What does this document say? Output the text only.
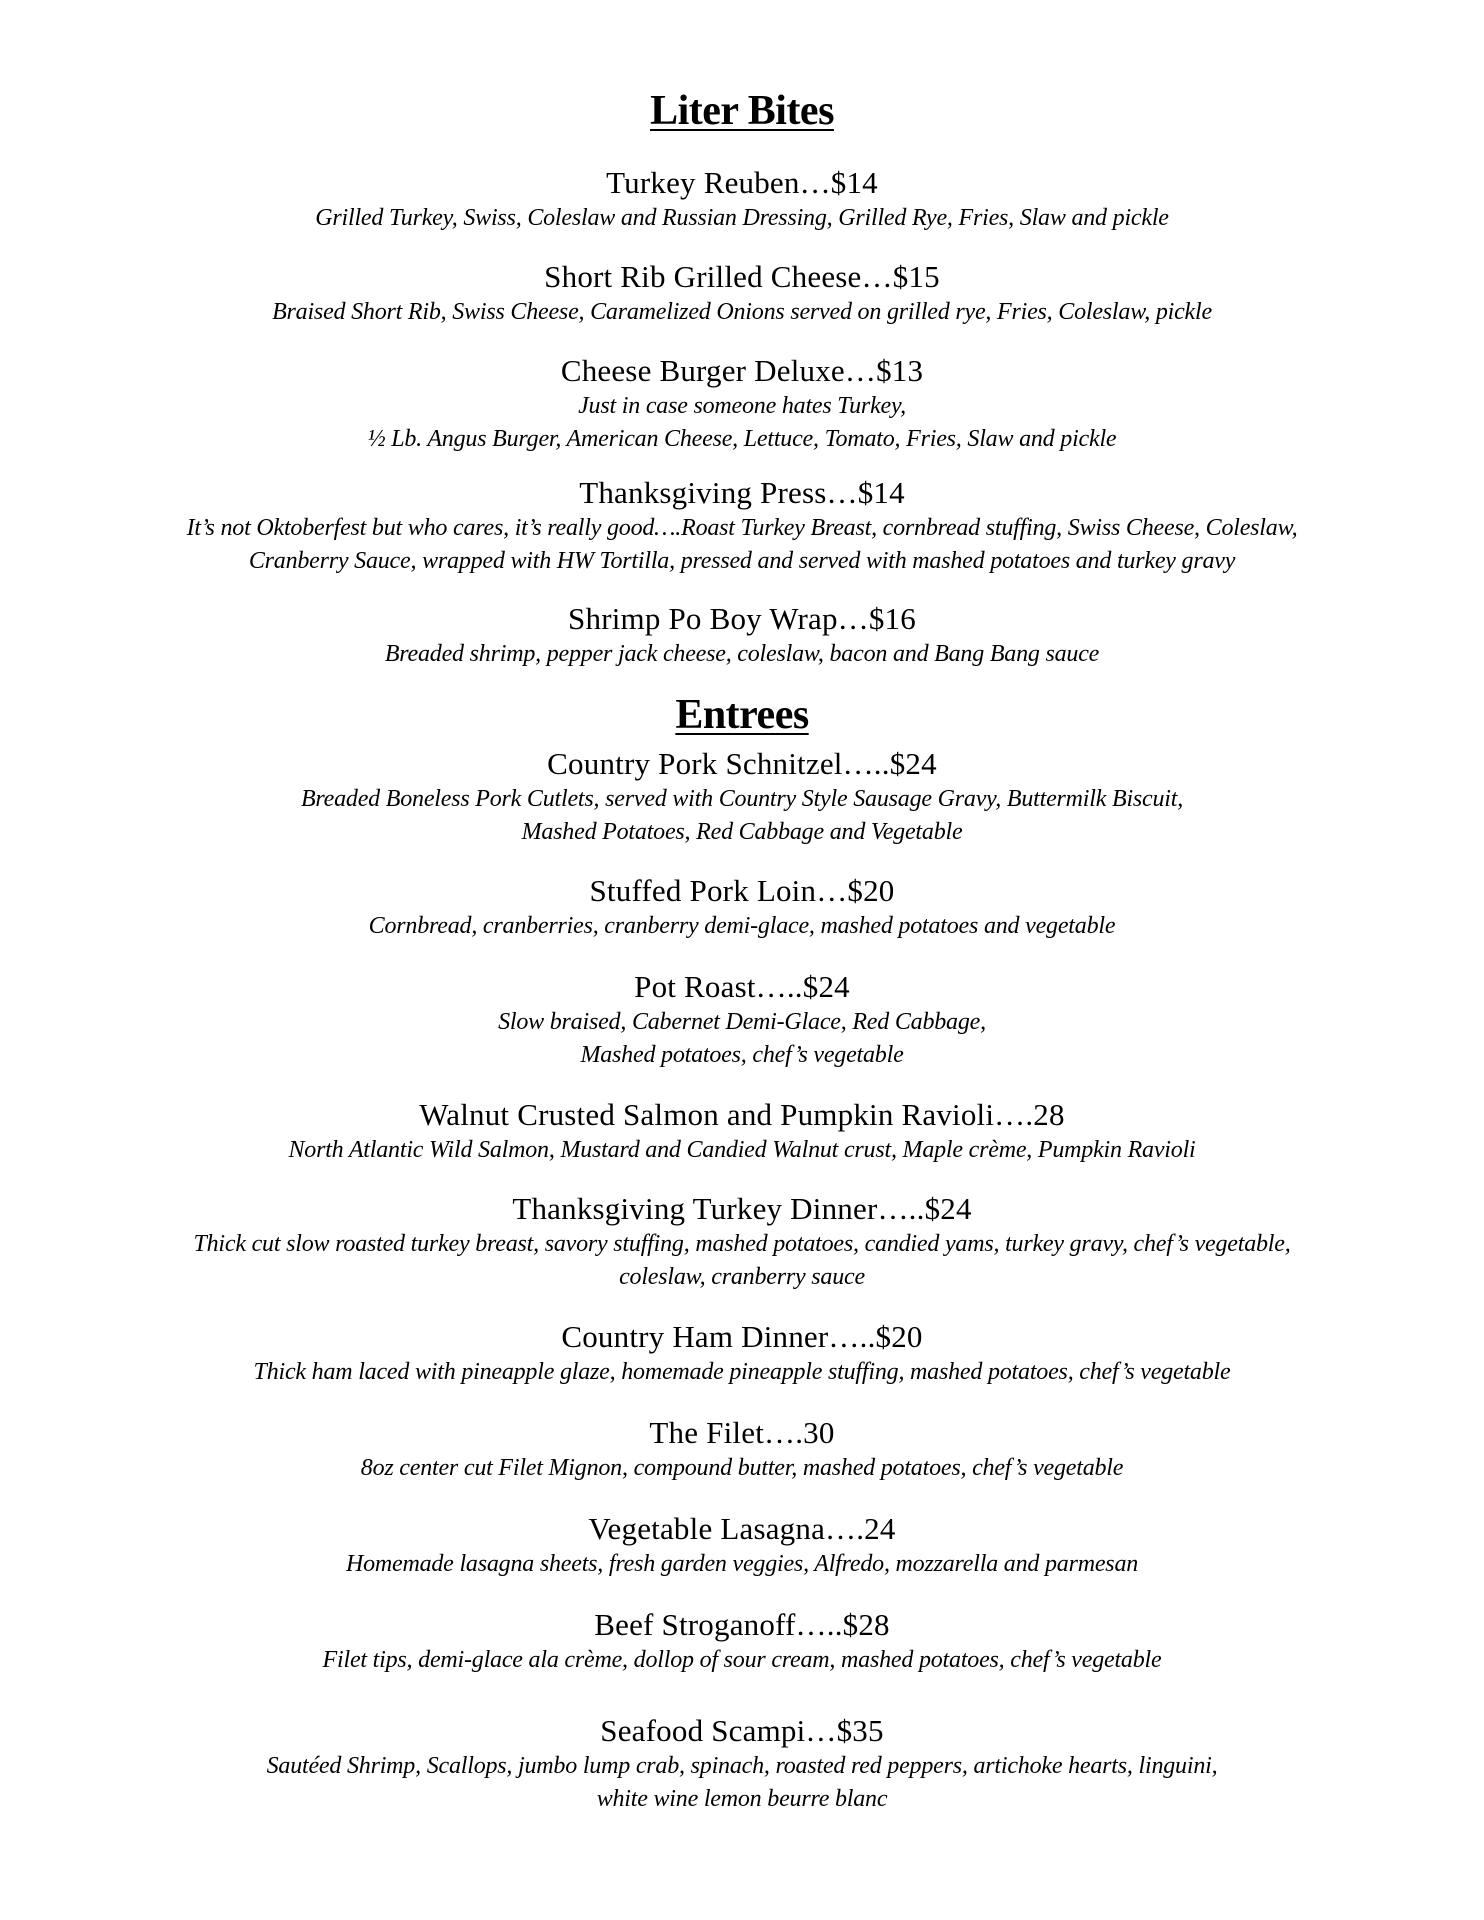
Liter Bites
Turkey Reuben…$14
Grilled Turkey, Swiss, Coleslaw and Russian Dressing, Grilled Rye, Fries, Slaw and pickle
Short Rib Grilled Cheese…$15
Braised Short Rib, Swiss Cheese, Caramelized Onions served on grilled rye, Fries, Coleslaw, pickle
Cheese Burger Deluxe…$13
Just in case someone hates Turkey,
½ Lb. Angus Burger, American Cheese, Lettuce, Tomato, Fries, Slaw and pickle
Thanksgiving Press…$14
It’s not Oktoberfest but who cares, it’s really good….Roast Turkey Breast, cornbread stuffing, Swiss Cheese, Coleslaw,
Cranberry Sauce, wrapped with HW Tortilla, pressed and served with mashed potatoes and turkey gravy
Shrimp Po Boy Wrap…$16
Breaded shrimp, pepper jack cheese, coleslaw, bacon and Bang Bang sauce
Entrees
Country Pork Schnitzel…..$24
Breaded Boneless Pork Cutlets, served with Country Style Sausage Gravy, Buttermilk Biscuit,
Mashed Potatoes, Red Cabbage and Vegetable
Stuffed Pork Loin…$20
Cornbread, cranberries, cranberry demi-glace, mashed potatoes and vegetable
Pot Roast…..$24
Slow braised, Cabernet Demi-Glace, Red Cabbage,
Mashed potatoes, chef’s vegetable
Walnut Crusted Salmon and Pumpkin Ravioli….28
North Atlantic Wild Salmon, Mustard and Candied Walnut crust, Maple crème, Pumpkin Ravioli
Thanksgiving Turkey Dinner…..$24
Thick cut slow roasted turkey breast, savory stuffing, mashed potatoes, candied yams, turkey gravy, chef’s vegetable,
coleslaw, cranberry sauce
Country Ham Dinner…..$20
Thick ham laced with pineapple glaze, homemade pineapple stuffing, mashed potatoes, chef’s vegetable
The Filet….30
8oz center cut Filet Mignon, compound butter, mashed potatoes, chef’s vegetable
Vegetable Lasagna….24
Homemade lasagna sheets, fresh garden veggies, Alfredo, mozzarella and parmesan
Beef Stroganoff…..$28
Filet tips, demi-glace ala crème, dollop of sour cream, mashed potatoes, chef’s vegetable
Seafood Scampi…$35
Sautéed Shrimp, Scallops, jumbo lump crab, spinach, roasted red peppers, artichoke hearts, linguini,
white wine lemon beurre blanc
